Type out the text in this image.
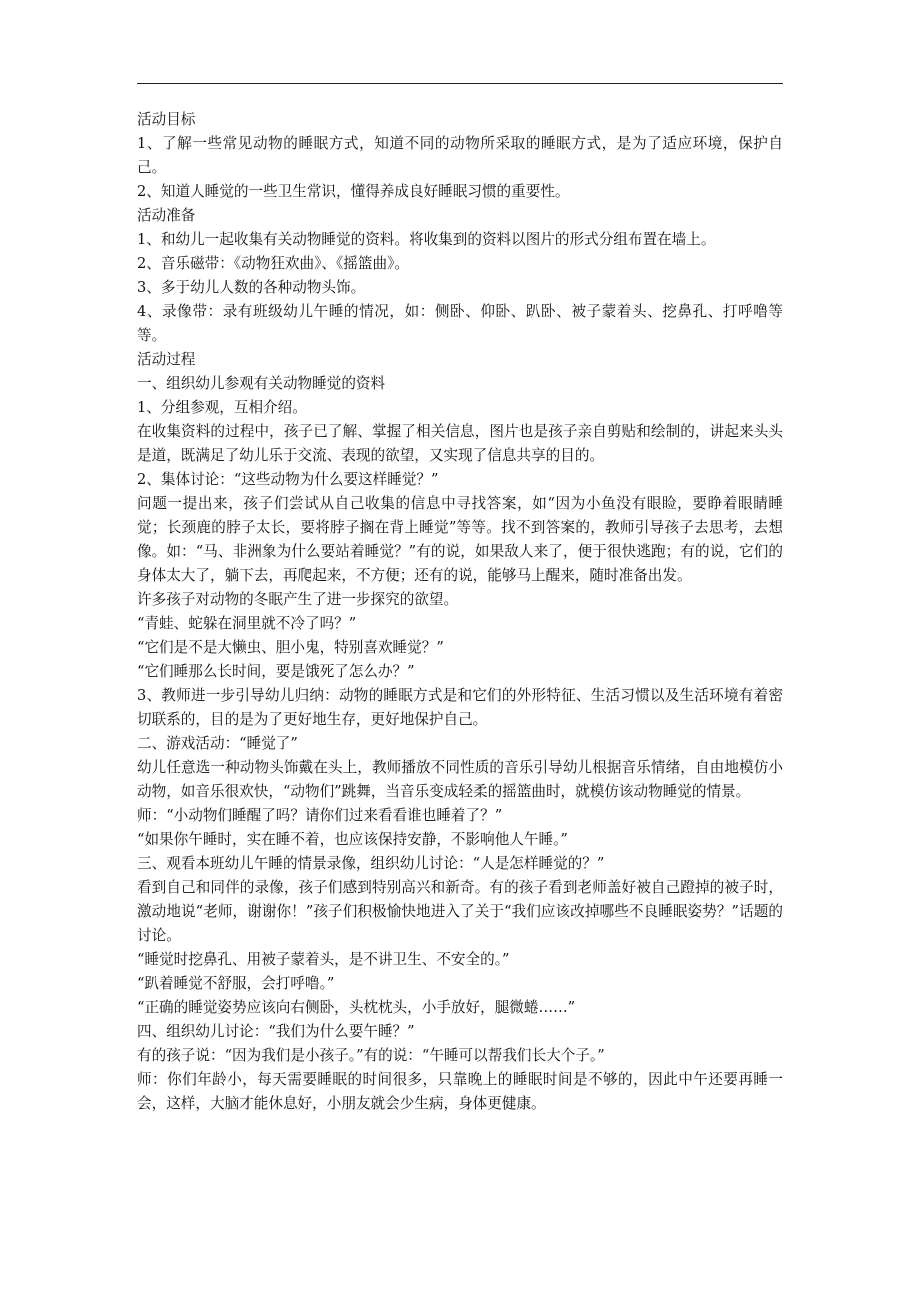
活动目标

1、了解一些常见动物的睡眠方式，知道不同的动物所采取的睡眠方式，是为了适应环境，保护自己。

2、知道人睡觉的一些卫生常识，懂得养成良好睡眠习惯的重要性。

活动准备

1、和幼儿一起收集有关动物睡觉的资料。将收集到的资料以图片的形式分组布置在墙上。

2、音乐磁带：《动物狂欢曲》、《摇篮曲》。

3、多于幼儿人数的各种动物头饰。

4、录像带：录有班级幼儿午睡的情况，如：侧卧、仰卧、趴卧、被子蒙着头、挖鼻孔、打呼噜等等。

活动过程

一、组织幼儿参观有关动物睡觉的资料

1、分组参观，互相介绍。

在收集资料的过程中，孩子已了解、掌握了相关信息，图片也是孩子亲自剪贴和绘制的，讲起来头头是道，既满足了幼儿乐于交流、表现的欲望，又实现了信息共享的目的。

2、集体讨论：“这些动物为什么要这样睡觉？”

问题一提出来，孩子们尝试从自己收集的信息中寻找答案，如“因为小鱼没有眼睑，要睁着眼睛睡觉；长颈鹿的脖子太长，要将脖子搁在背上睡觉”等等。找不到答案的，教师引导孩子去思考，去想像。如：“马、非洲象为什么要站着睡觉？”有的说，如果敌人来了，便于很快逃跑；有的说，它们的身体太大了，躺下去，再爬起来，不方便；还有的说，能够马上醒来，随时准备出发。

许多孩子对动物的冬眠产生了进一步探究的欲望。

“青蛙、蛇躲在洞里就不冷了吗？”

“它们是不是大懒虫、胆小鬼，特别喜欢睡觉？”

“它们睡那么长时间，要是饿死了怎么办？”

3、教师进一步引导幼儿归纳：动物的睡眠方式是和它们的外形特征、生活习惯以及生活环境有着密切联系的，目的是为了更好地生存，更好地保护自己。

二、游戏活动：“睡觉了”

幼儿任意选一种动物头饰戴在头上，教师播放不同性质的音乐引导幼儿根据音乐情绪，自由地模仿小动物，如音乐很欢快，“动物们”跳舞，当音乐变成轻柔的摇篮曲时，就模仿该动物睡觉的情景。

师：“小动物们睡醒了吗？请你们过来看看谁也睡着了？”

“如果你午睡时，实在睡不着，也应该保持安静，不影响他人午睡。”

三、观看本班幼儿午睡的情景录像，组织幼儿讨论：“人是怎样睡觉的？”

看到自己和同伴的录像，孩子们感到特别高兴和新奇。有的孩子看到老师盖好被自己蹬掉的被子时，激动地说“老师，谢谢你！”孩子们积极愉快地进入了关于“我们应该改掉哪些不良睡眠姿势？”话题的讨论。

“睡觉时挖鼻孔、用被子蒙着头，是不讲卫生、不安全的。”

“趴着睡觉不舒服，会打呼噜。”

“正确的睡觉姿势应该向右侧卧，头枕枕头，小手放好，腿微蜷……”

四、组织幼儿讨论：“我们为什么要午睡？”

有的孩子说：“因为我们是小孩子。”有的说：“午睡可以帮我们长大个子。”

师：你们年龄小，每天需要睡眠的时间很多，只靠晚上的睡眠时间是不够的，因此中午还要再睡一会，这样，大脑才能休息好，小朋友就会少生病，身体更健康。
